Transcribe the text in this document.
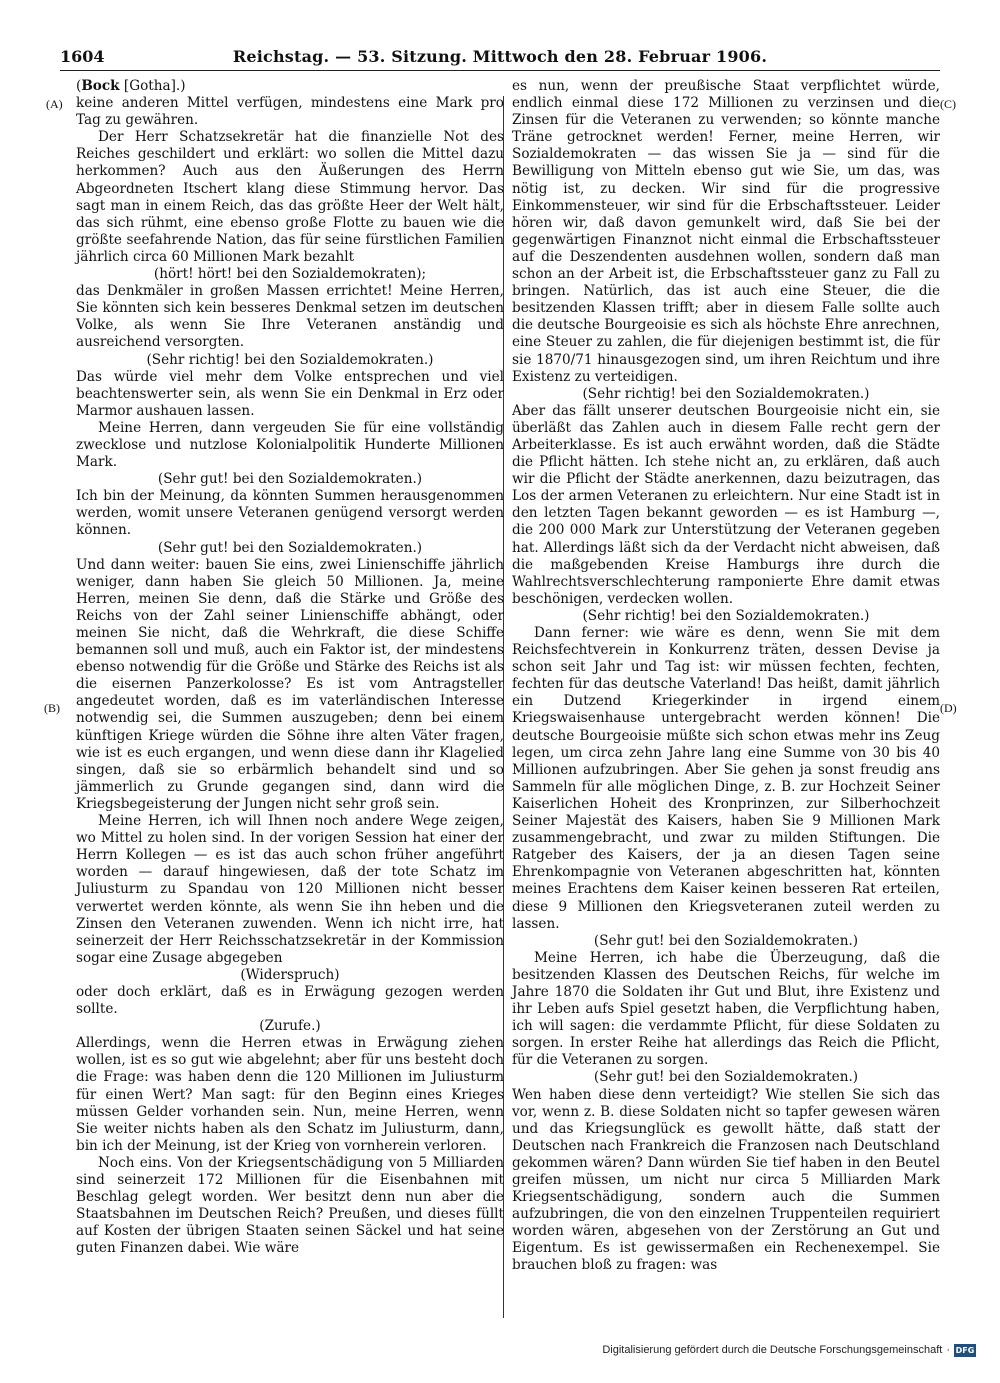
1604	Reichstag. — 53. Sitzung. Mittwoch den 28. Februar 1906.
(A)
(B)
(C)
(D)

(Bock [Gotha].)

keine anderen Mittel verfügen, mindestens eine Mark pro Tag zu gewähren.

Der Herr Schatzsekretär hat die finanzielle Not des Reiches geschildert und erklärt: wo sollen die Mittel dazu herkommen? Auch aus den Äußerungen des Herrn Abgeordneten Itschert klang diese Stimmung hervor. Das sagt man in einem Reich, das das größte Heer der Welt hält, das sich rühmt, eine ebenso große Flotte zu bauen wie die größte seefahrende Nation, das für seine fürstlichen Familien jährlich circa 60 Millionen Mark bezahlt

(hört! hört! bei den Sozialdemokraten);

das Denkmäler in großen Massen errichtet! Meine Herren, Sie könnten sich kein besseres Denkmal setzen im deutschen Volke, als wenn Sie Ihre Veteranen anständig und ausreichend versorgten.

(Sehr richtig! bei den Sozialdemokraten.)

Das würde viel mehr dem Volke entsprechen und viel beachtenswerter sein, als wenn Sie ein Denkmal in Erz oder Marmor aushauen lassen.

Meine Herren, dann vergeuden Sie für eine vollständig zwecklose und nutzlose Kolonialpolitik Hunderte Millionen Mark.

(Sehr gut! bei den Sozialdemokraten.)

Ich bin der Meinung, da könnten Summen herausgenommen werden, womit unsere Veteranen genügend versorgt werden können.

(Sehr gut! bei den Sozialdemokraten.)

Und dann weiter: bauen Sie eins, zwei Linienschiffe jährlich weniger, dann haben Sie gleich 50 Millionen. Ja, meine Herren, meinen Sie denn, daß die Stärke und Größe des Reichs von der Zahl seiner Linienschiffe abhängt, oder meinen Sie nicht, daß die Wehrkraft, die diese Schiffe bemannen soll und muß, auch ein Faktor ist, der mindestens ebenso notwendig für die Größe und Stärke des Reichs ist als die eisernen Panzerkolosse? Es ist vom Antragsteller angedeutet worden, daß es im vaterländischen Interesse notwendig sei, die Summen auszugeben; denn bei einem künftigen Kriege würden die Söhne ihre alten Väter fragen, wie ist es euch ergangen, und wenn diese dann ihr Klagelied singen, daß sie so erbärmlich behandelt sind und so jämmerlich zu Grunde gegangen sind, dann wird die Kriegsbegeisterung der Jungen nicht sehr groß sein.

Meine Herren, ich will Ihnen noch andere Wege zeigen, wo Mittel zu holen sind. In der vorigen Session hat einer der Herrn Kollegen — es ist das auch schon früher angeführt worden — darauf hingewiesen, daß der tote Schatz im Juliusturm zu Spandau von 120 Millionen nicht besser verwertet werden könnte, als wenn Sie ihn heben und die Zinsen den Veteranen zuwenden. Wenn ich nicht irre, hat seinerzeit der Herr Reichsschatzsekretär in der Kommission sogar eine Zusage abgegeben

(Widerspruch)

oder doch erklärt, daß es in Erwägung gezogen werden sollte.

(Zurufe.)

Allerdings, wenn die Herren etwas in Erwägung ziehen wollen, ist es so gut wie abgelehnt; aber für uns besteht doch die Frage: was haben denn die 120 Millionen im Juliusturm für einen Wert? Man sagt: für den Beginn eines Krieges müssen Gelder vorhanden sein. Nun, meine Herren, wenn Sie weiter nichts haben als den Schatz im Juliusturm, dann, bin ich der Meinung, ist der Krieg von vornherein verloren.

Noch eins. Von der Kriegsentschädigung von 5 Milliarden sind seinerzeit 172 Millionen für die Eisenbahnen mit Beschlag gelegt worden. Wer besitzt denn nun aber die Staatsbahnen im Deutschen Reich? Preußen, und dieses füllt auf Kosten der übrigen Staaten seinen Säckel und hat seine guten Finanzen dabei. Wie wäre

es nun, wenn der preußische Staat verpflichtet würde, endlich einmal diese 172 Millionen zu verzinsen und die Zinsen für die Veteranen zu verwenden; so könnte manche Träne getrocknet werden! Ferner, meine Herren, wir Sozialdemokraten — das wissen Sie ja — sind für die Bewilligung von Mitteln ebenso gut wie Sie, um das, was nötig ist, zu decken. Wir sind für die progressive Einkommensteuer, wir sind für die Erbschaftssteuer. Leider hören wir, daß davon gemunkelt wird, daß Sie bei der gegenwärtigen Finanznot nicht einmal die Erbschaftssteuer auf die Deszendenten ausdehnen wollen, sondern daß man schon an der Arbeit ist, die Erbschaftssteuer ganz zu Fall zu bringen. Natürlich, das ist auch eine Steuer, die die besitzenden Klassen trifft; aber in diesem Falle sollte auch die deutsche Bourgeoisie es sich als höchste Ehre anrechnen, eine Steuer zu zahlen, die für diejenigen bestimmt ist, die für sie 1870/71 hinausgezogen sind, um ihren Reichtum und ihre Existenz zu verteidigen.

(Sehr richtig! bei den Sozialdemokraten.)

Aber das fällt unserer deutschen Bourgeoisie nicht ein, sie überläßt das Zahlen auch in diesem Falle recht gern der Arbeiterklasse. Es ist auch erwähnt worden, daß die Städte die Pflicht hätten. Ich stehe nicht an, zu erklären, daß auch wir die Pflicht der Städte anerkennen, dazu beizutragen, das Los der armen Veteranen zu erleichtern. Nur eine Stadt ist in den letzten Tagen bekannt geworden — es ist Hamburg —, die 200 000 Mark zur Unterstützung der Veteranen gegeben hat. Allerdings läßt sich da der Verdacht nicht abweisen, daß die maßgebenden Kreise Hamburgs ihre durch die Wahlrechtsverschlechterung ramponierte Ehre damit etwas beschönigen, verdecken wollen.

(Sehr richtig! bei den Sozialdemokraten.)

Dann ferner: wie wäre es denn, wenn Sie mit dem Reichsfechtverein in Konkurrenz träten, dessen Devise ja schon seit Jahr und Tag ist: wir müssen fechten, fechten, fechten für das deutsche Vaterland! Das heißt, damit jährlich ein Dutzend Kriegerkinder in irgend einem Kriegswaisenhause untergebracht werden können! Die deutsche Bourgeoisie müßte sich schon etwas mehr ins Zeug legen, um circa zehn Jahre lang eine Summe von 30 bis 40 Millionen aufzubringen. Aber Sie gehen ja sonst freudig ans Sammeln für alle möglichen Dinge, z. B. zur Hochzeit Seiner Kaiserlichen Hoheit des Kronprinzen, zur Silberhochzeit Seiner Majestät des Kaisers, haben Sie 9 Millionen Mark zusammengebracht, und zwar zu milden Stiftungen. Die Ratgeber des Kaisers, der ja an diesen Tagen seine Ehrenkompagnie von Veteranen abgeschritten hat, könnten meines Erachtens dem Kaiser keinen besseren Rat erteilen, diese 9 Millionen den Kriegsveteranen zuteil werden zu lassen.

(Sehr gut! bei den Sozialdemokraten.)

Meine Herren, ich habe die Überzeugung, daß die besitzenden Klassen des Deutschen Reichs, für welche im Jahre 1870 die Soldaten ihr Gut und Blut, ihre Existenz und ihr Leben aufs Spiel gesetzt haben, die Verpflichtung haben, ich will sagen: die verdammte Pflicht, für diese Soldaten zu sorgen. In erster Reihe hat allerdings das Reich die Pflicht, für die Veteranen zu sorgen.

(Sehr gut! bei den Sozialdemokraten.)

Wen haben diese denn verteidigt? Wie stellen Sie sich das vor, wenn z. B. diese Soldaten nicht so tapfer gewesen wären und das Kriegsunglück es gewollt hätte, daß statt der Deutschen nach Frankreich die Franzosen nach Deutschland gekommen wären? Dann würden Sie tief haben in den Beutel greifen müssen, um nicht nur circa 5 Milliarden Mark Kriegsentschädigung, sondern auch die Summen aufzubringen, die von den einzelnen Truppenteilen requiriert worden wären, abgesehen von der Zerstörung an Gut und Eigentum. Es ist gewissermaßen ein Rechenexempel. Sie brauchen bloß zu fragen: was

Digitalisierung gefördert durch die Deutsche Forschungsgemeinschaft · DFG
